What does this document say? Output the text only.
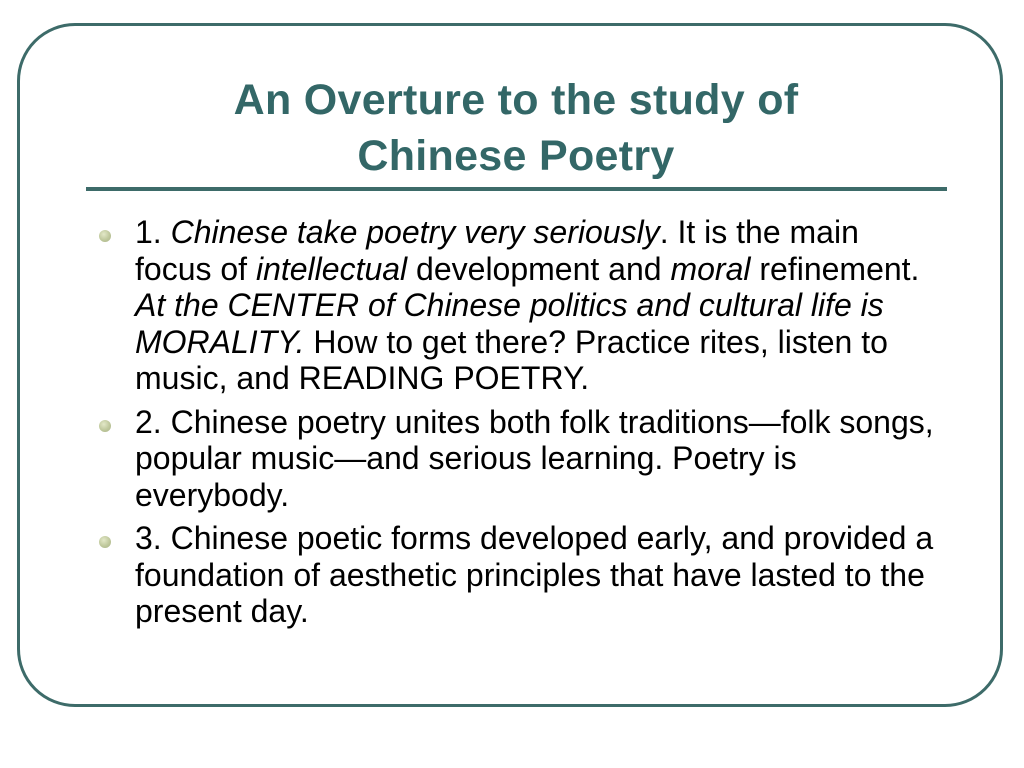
An Overture to the study of
Chinese Poetry
1. Chinese take poetry very seriously. It is the main focus of intellectual development and moral refinement. At the CENTER of Chinese politics and cultural life is MORALITY. How to get there? Practice rites, listen to music, and READING POETRY.
2. Chinese poetry unites both folk traditions—folk songs, popular music—and serious learning. Poetry is everybody.
3. Chinese poetic forms developed early, and provided a foundation of aesthetic principles that have lasted to the present day.
